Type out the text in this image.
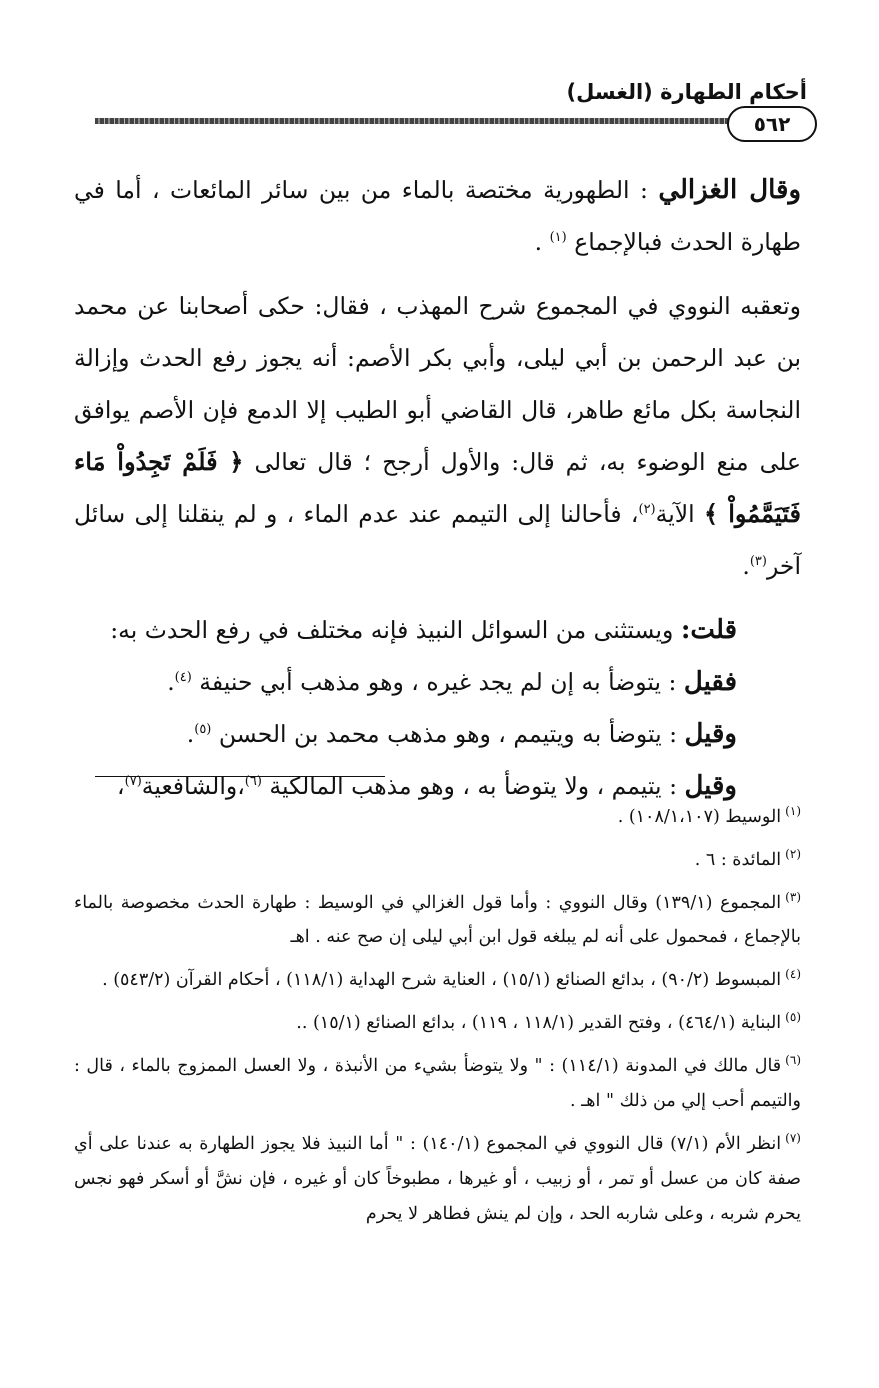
أحكام الطهارة (الغسل)
٥٦٢

وقال الغزالي : الطهورية مختصة بالماء من بين سائر المائعات ، أما في طهارة الحدث فبالإجماع $^{(١)}$ .

وتعقبه النووي في المجموع شرح المهذب ، فقال: حكى أصحابنا عن محمد بن عبد الرحمن بن أبي ليلى، وأبي بكر الأصم: أنه يجوز رفع الحدث وإزالة النجاسة بكل مائع طاهر، قال القاضي أبو الطيب إلا الدمع فإن الأصم يوافق على منع الوضوء به، ثم قال: والأول أرجح ؛ قال تعالى ﴿ فَلَمْ تَجِدُواْ مَاء فَتَيَمَّمُواْ ﴾ الآية$^{(٢)}$، فأحالنا إلى التيمم عند عدم الماء ، و لم ينقلنا إلى سائل آخر$^{(٣)}$.

قلت: ويستثنى من السوائل النبيذ فإنه مختلف في رفع الحدث به:

فقيل : يتوضأ به إن لم يجد غيره ، وهو مذهب أبي حنيفة $^{(٤)}$.

وقيل : يتوضأ به ويتيمم ، وهو مذهب محمد بن الحسن $^{(٥)}$.

وقيل : يتيمم ، ولا يتوضأ به ، وهو مذهب المالكية $^{(٦)}$،والشافعية$^{(٧)}$،

$^{(١)}$الوسيط (١٠٨/١،١٠٧) .

$^{(٢)}$المائدة : ٦ .

$^{(٣)}$المجموع (١٣٩/١) وقال النووي : وأما قول الغزالي في الوسيط : طهارة الحدث مخصوصة بالماء بالإجماع ، فمحمول على أنه لم يبلغه قول ابن أبي ليلى إن صح عنه . اهـ

$^{(٤)}$المبسوط (٩٠/٢) ، بدائع الصنائع (١٥/١) ، العناية شرح الهداية (١١٨/١) ، أحكام القرآن (٥٤٣/٢) .

$^{(٥)}$البناية (٤٦٤/١) ، وفتح القدير (١١٨/١ ، ١١٩) ، بدائع الصنائع (١٥/١) ..

$^{(٦)}$قال مالك في المدونة (١١٤/١) : " ولا يتوضأ بشيء من الأنبذة ، ولا العسل الممزوج بالماء ، قال : والتيمم أحب إلي من ذلك " اهـ .

$^{(٧)}$انظر الأم (٧/١) قال النووي في المجموع (١٤٠/١) : " أما النبيذ فلا يجوز الطهارة به عندنا على أي صفة كان من عسل أو تمر ، أو زبيب ، أو غيرها ، مطبوخاً كان أو غيره ، فإن نشَّ أو أسكر فهو نجس يحرم شربه ، وعلى شاربه الحد ، وإن لم ينش فطاهر لا يحرم
